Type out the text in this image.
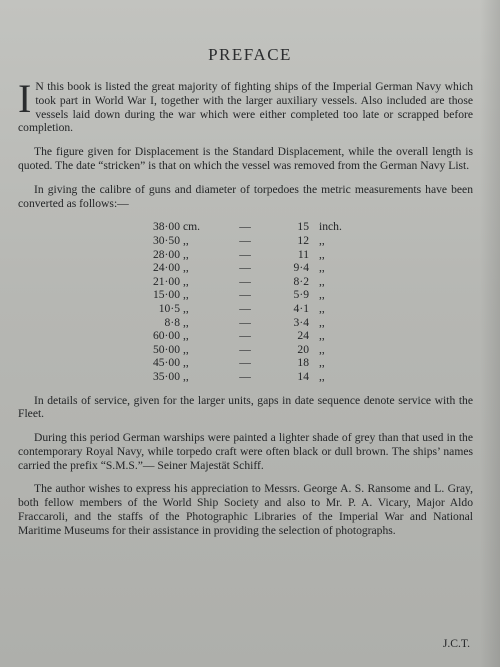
PREFACE

I N this book is listed the great majority of fighting ships of the Imperial German Navy which took part in World War I, together with the larger auxiliary vessels. Also included are those vessels laid down during the war which were either completed too late or scrapped before completion.

The figure given for Displacement is the Standard Displacement, while the overall length is quoted. The date “stricken” is that on which the vessel was removed from the German Navy List.

In giving the calibre of guns and diameter of torpedoes the metric measurements have been converted as follows:—

38·00	cm.	—	15	inch.
30·50	,,	—	12	,,
28·00	,,	—	11	,,
24·00	,,	—	9·4	,,
21·00	,,	—	8·2	,,
15·00	,,	—	5·9	,,
10·5	,,	—	4·1	,,
8·8	,,	—	3·4	,,
60·00	,,	—	24	,,
50·00	,,	—	20	,,
45·00	,,	—	18	,,
35·00	,,	—	14	,,

In details of service, given for the larger units, gaps in date sequence denote service with the Fleet.

During this period German warships were painted a lighter shade of grey than that used in the contemporary Royal Navy, while torpedo craft were often black or dull brown. The ships’ names carried the prefix “S.M.S.”— Seiner Majestät Schiff.

The author wishes to express his appreciation to Messrs. George A. S. Ransome and L. Gray, both fellow members of the World Ship Society and also to Mr. P. A. Vicary, Major Aldo Fraccaroli, and the staffs of the Photographic Libraries of the Imperial War and National Maritime Museums for their assistance in providing the selection of photographs.

J.C.T.
